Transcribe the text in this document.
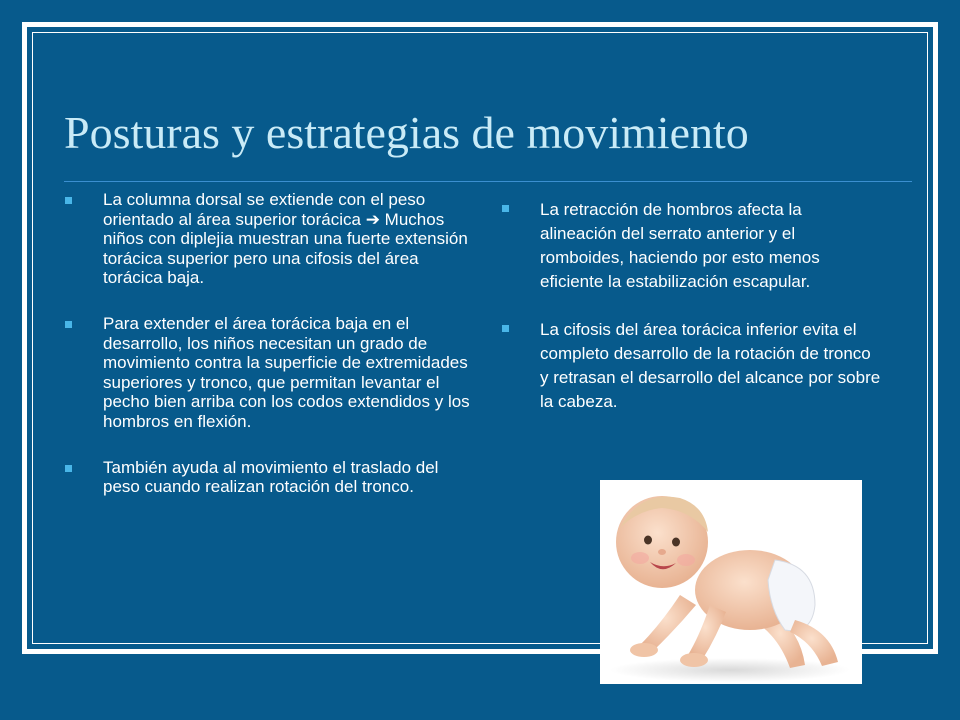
Posturas y estrategias de movimiento
La columna dorsal se extiende con el peso orientado al área superior torácica ➔ Muchos niños con diplejia muestran una fuerte extensión torácica superior pero una cifosis del área torácica baja.
Para extender el área torácica baja en el desarrollo, los niños necesitan un grado de movimiento contra la superficie de extremidades superiores y tronco, que permitan levantar el pecho bien arriba con los codos extendidos y los hombros en flexión.
También ayuda al movimiento el traslado del peso cuando realizan rotación del tronco.
La retracción de hombros afecta la alineación del serrato anterior y el romboides, haciendo por esto menos eficiente la estabilización escapular.
La cifosis del área torácica inferior evita el completo desarrollo de la rotación de tronco y retrasan el desarrollo del alcance por sobre la cabeza.
